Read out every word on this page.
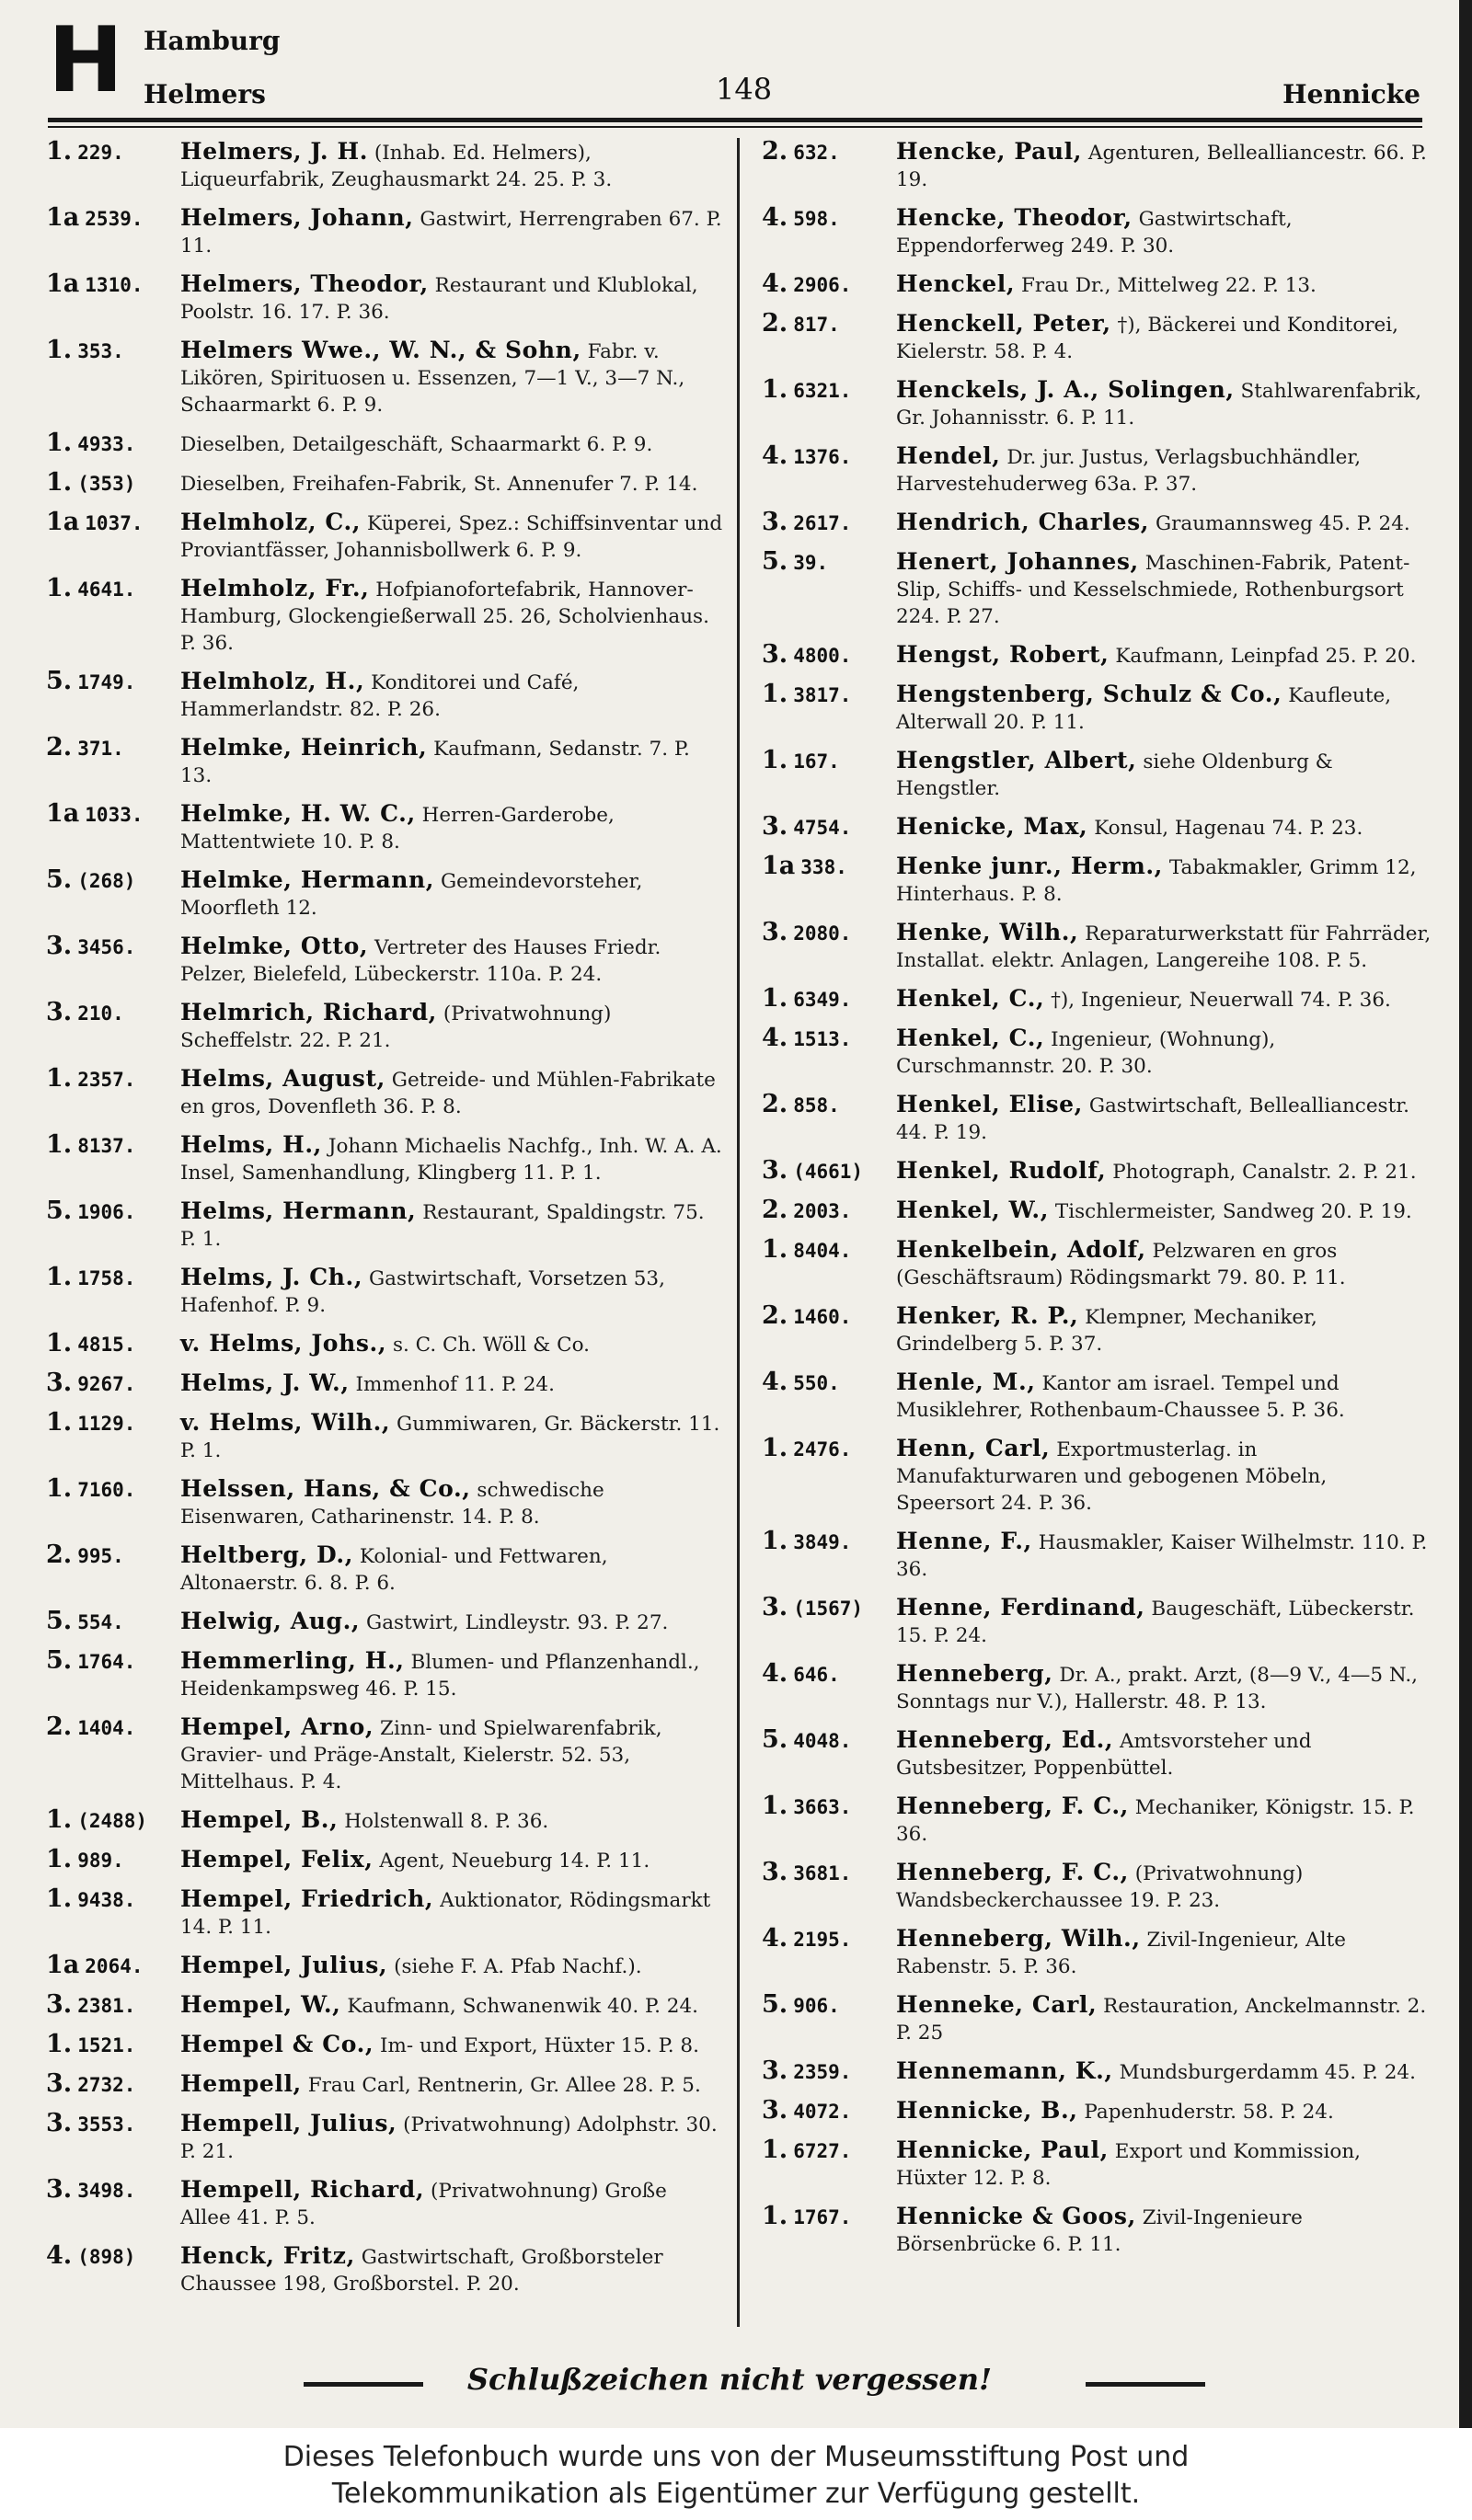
H Hamburg
Helmers	148	Hennicke
1. 229.	Helmers, J. H. (Inhab. Ed. Helmers), Liqueurfabrik, Zeughausmarkt 24. 25. P. 3.
1a 2539.	Helmers, Johann, Gastwirt, Herrengraben 67. P. 11.
1a 1310.	Helmers, Theodor, Restaurant und Klublokal, Poolstr. 16. 17. P. 36.
1. 353.	Helmers Wwe., W. N., & Sohn, Fabr. v. Likören, Spirituosen u. Essenzen, 7—1 V., 3—7 N., Schaarmarkt 6. P. 9.
1. 4933.	Dieselben, Detailgeschäft, Schaarmarkt 6. P. 9.
1. (353)	Dieselben, Freihafen-Fabrik, St. Annenufer 7. P. 14.
1a 1037.	Helmholz, C., Küperei, Spez.: Schiffsinventar und Proviantfässer, Johannisbollwerk 6. P. 9.
1. 4641.	Helmholz, Fr., Hofpianofortefabrik, Hannover-Hamburg, Glockengießerwall 25. 26, Scholvienhaus. P. 36.
5. 1749.	Helmholz, H., Konditorei und Café, Hammerlandstr. 82. P. 26.
2. 371.	Helmke, Heinrich, Kaufmann, Sedanstr. 7. P. 13.
1a 1033.	Helmke, H. W. C., Herren-Garderobe, Mattentwiete 10. P. 8.
5. (268)	Helmke, Hermann, Gemeindevorsteher, Moorfleth 12.
3. 3456.	Helmke, Otto, Vertreter des Hauses Friedr. Pelzer, Bielefeld, Lübeckerstr. 110a. P. 24.
3. 210.	Helmrich, Richard, (Privatwohnung) Scheffelstr. 22. P. 21.
1. 2357.	Helms, August, Getreide- und Mühlen-Fabrikate en gros, Dovenfleth 36. P. 8.
1. 8137.	Helms, H., Johann Michaelis Nachfg., Inh. W. A. A. Insel, Samenhandlung, Klingberg 11. P. 1.
5. 1906.	Helms, Hermann, Restaurant, Spaldingstr. 75. P. 1.
1. 1758.	Helms, J. Ch., Gastwirtschaft, Vorsetzen 53, Hafenhof. P. 9.
1. 4815.	v. Helms, Johs., s. C. Ch. Wöll & Co.
3. 9267.	Helms, J. W., Immenhof 11. P. 24.
1. 1129.	v. Helms, Wilh., Gummiwaren, Gr. Bäckerstr. 11. P. 1.
1. 7160.	Helssen, Hans, & Co., schwedische Eisenwaren, Catharinenstr. 14. P. 8.
2. 995.	Heltberg, D., Kolonial- und Fettwaren, Altonaerstr. 6. 8. P. 6.
5. 554.	Helwig, Aug., Gastwirt, Lindleystr. 93. P. 27.
5. 1764.	Hemmerling, H., Blumen- und Pflanzenhandl., Heidenkampsweg 46. P. 15.
2. 1404.	Hempel, Arno, Zinn- und Spielwarenfabrik, Gravier- und Präge-Anstalt, Kielerstr. 52. 53, Mittelhaus. P. 4.
1. (2488)	Hempel, B., Holstenwall 8. P. 36.
1. 989.	Hempel, Felix, Agent, Neueburg 14. P. 11.
1. 9438.	Hempel, Friedrich, Auktionator, Rödingsmarkt 14. P. 11.
1a 2064.	Hempel, Julius, (siehe F. A. Pfab Nachf.).
3. 2381.	Hempel, W., Kaufmann, Schwanenwik 40. P. 24.
1. 1521.	Hempel & Co., Im- und Export, Hüxter 15. P. 8.
3. 2732.	Hempell, Frau Carl, Rentnerin, Gr. Allee 28. P. 5.
3. 3553.	Hempell, Julius, (Privatwohnung) Adolphstr. 30. P. 21.
3. 3498.	Hempell, Richard, (Privatwohnung) Große Allee 41. P. 5.
4. (898)	Henck, Fritz, Gastwirtschaft, Großborsteler Chaussee 198, Großborstel. P. 20.
2. 632.	Hencke, Paul, Agenturen, Bellealliancestr. 66. P. 19.
4. 598.	Hencke, Theodor, Gastwirtschaft, Eppendorferweg 249. P. 30.
4. 2906.	Henckel, Frau Dr., Mittelweg 22. P. 13.
2. 817.	Henckell, Peter, †), Bäckerei und Konditorei, Kielerstr. 58. P. 4.
1. 6321.	Henckels, J. A., Solingen, Stahlwarenfabrik, Gr. Johannisstr. 6. P. 11.
4. 1376.	Hendel, Dr. jur. Justus, Verlagsbuchhändler, Harvestehuderweg 63a. P. 37.
3. 2617.	Hendrich, Charles, Graumannsweg 45. P. 24.
5. 39.	Henert, Johannes, Maschinen-Fabrik, Patent-Slip, Schiffs- und Kesselschmiede, Rothenburgsort 224. P. 27.
3. 4800.	Hengst, Robert, Kaufmann, Leinpfad 25. P. 20.
1. 3817.	Hengstenberg, Schulz & Co., Kaufleute, Alterwall 20. P. 11.
1. 167.	Hengstler, Albert, siehe Oldenburg & Hengstler.
3. 4754.	Henicke, Max, Konsul, Hagenau 74. P. 23.
1a 338.	Henke junr., Herm., Tabakmakler, Grimm 12, Hinterhaus. P. 8.
3. 2080.	Henke, Wilh., Reparaturwerkstatt für Fahrräder, Installat. elektr. Anlagen, Langereihe 108. P. 5.
1. 6349.	Henkel, C., †), Ingenieur, Neuerwall 74. P. 36.
4. 1513.	Henkel, C., Ingenieur, (Wohnung), Curschmannstr. 20. P. 30.
2. 858.	Henkel, Elise, Gastwirtschaft, Bellealliancestr. 44. P. 19.
3. (4661)	Henkel, Rudolf, Photograph, Canalstr. 2. P. 21.
2. 2003.	Henkel, W., Tischlermeister, Sandweg 20. P. 19.
1. 8404.	Henkelbein, Adolf, Pelzwaren en gros (Geschäftsraum) Rödingsmarkt 79. 80. P. 11.
2. 1460.	Henker, R. P., Klempner, Mechaniker, Grindelberg 5. P. 37.
4. 550.	Henle, M., Kantor am israel. Tempel und Musiklehrer, Rothenbaum-Chaussee 5. P. 36.
1. 2476.	Henn, Carl, Exportmusterlag. in Manufakturwaren und gebogenen Möbeln, Speersort 24. P. 36.
1. 3849.	Henne, F., Hausmakler, Kaiser Wilhelmstr. 110. P. 36.
3. (1567)	Henne, Ferdinand, Baugeschäft, Lübeckerstr. 15. P. 24.
4. 646.	Henneberg, Dr. A., prakt. Arzt, (8—9 V., 4—5 N., Sonntags nur V.), Hallerstr. 48. P. 13.
5. 4048.	Henneberg, Ed., Amtsvorsteher und Gutsbesitzer, Poppenbüttel.
1. 3663.	Henneberg, F. C., Mechaniker, Königstr. 15. P. 36.
3. 3681.	Henneberg, F. C., (Privatwohnung) Wandsbeckerchaussee 19. P. 23.
4. 2195.	Henneberg, Wilh., Zivil-Ingenieur, Alte Rabenstr. 5. P. 36.
5. 906.	Henneke, Carl, Restauration, Anckelmannstr. 2. P. 25
3. 2359.	Hennemann, K., Mundsburgerdamm 45. P. 24.
3. 4072.	Hennicke, B., Papenhuderstr. 58. P. 24.
1. 6727.	Hennicke, Paul, Export und Kommission, Hüxter 12. P. 8.
1. 1767.	Hennicke & Goos, Zivil-Ingenieure Börsenbrücke 6. P. 11.
Schlußzeichen nicht vergessen!
Dieses Telefonbuch wurde uns von der Museumsstiftung Post und
Telekommunikation als Eigentümer zur Verfügung gestellt.
